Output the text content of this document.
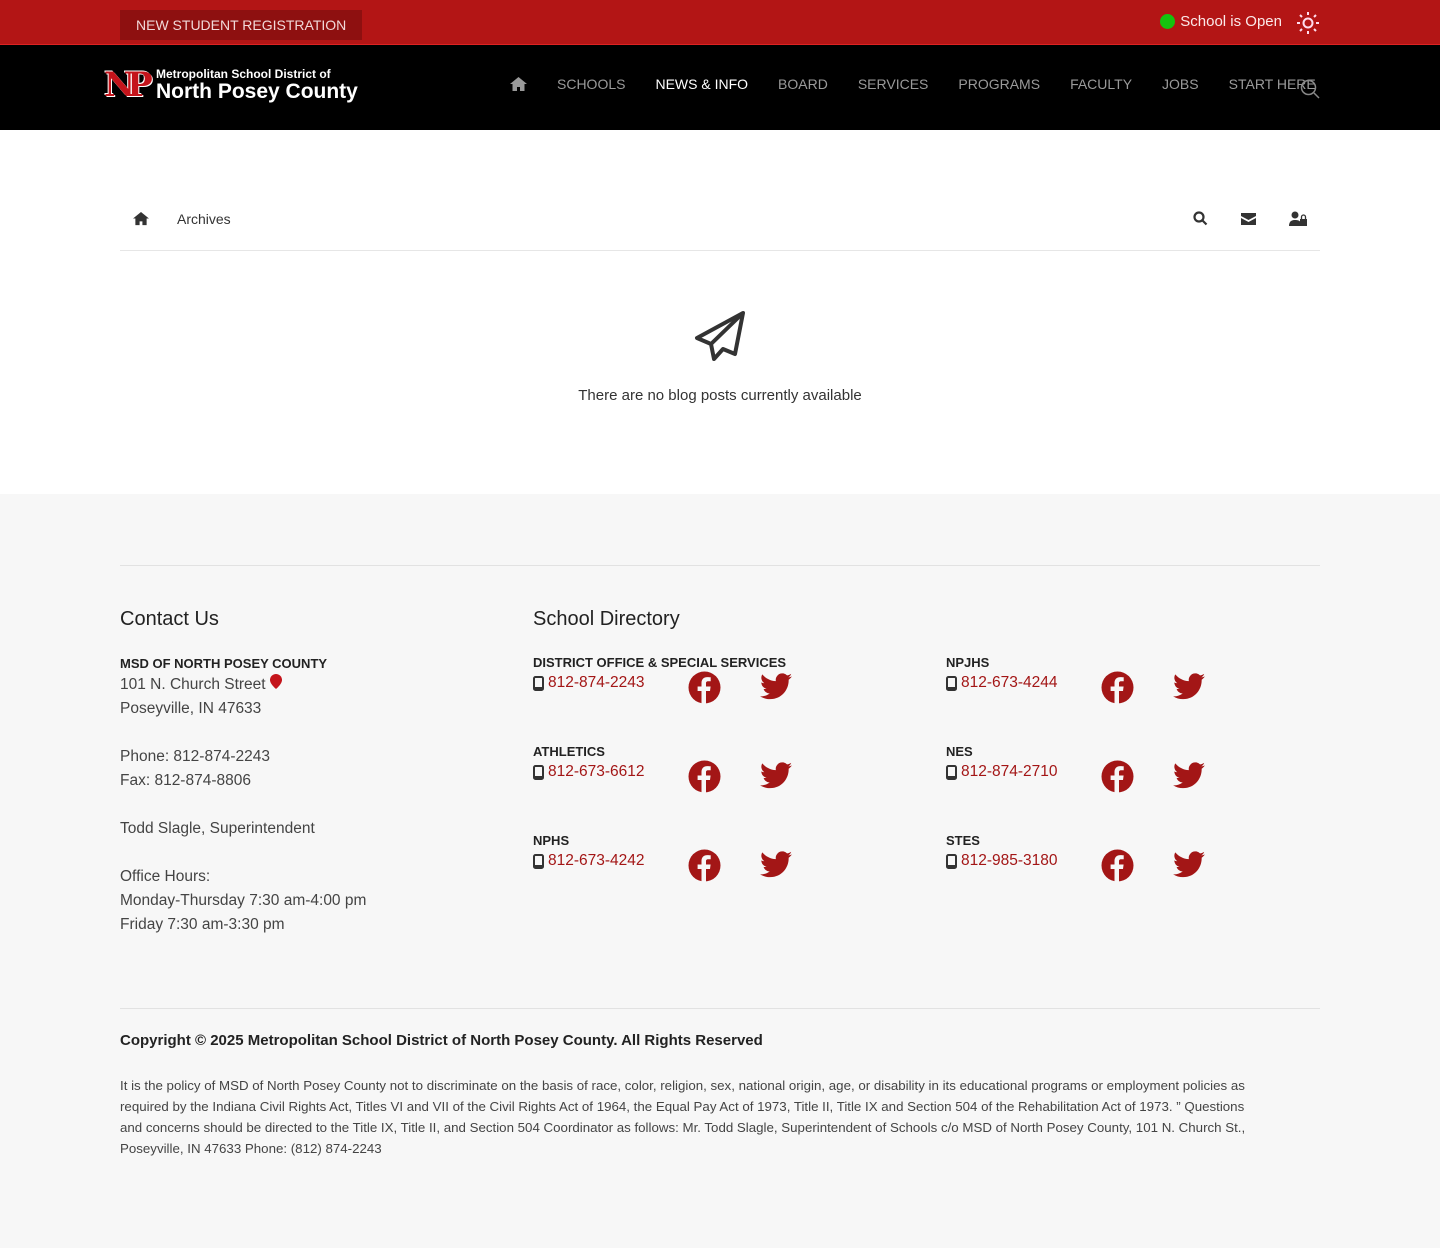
NEW STUDENT REGISTRATION	School is Open
NP Metropolitan School District of
North Posey County	SCHOOLS NEWS & INFO BOARD SERVICES PROGRAMS FACULTY JOBS START HERE
Archives

There are no blog posts currently available

Contact Us
MSD OF NORTH POSEY COUNTY
101 N. Church Street
Poseyville, IN 47633

Phone: 812-874-2243
Fax: 812-874-8806

Todd Slagle, Superintendent

Office Hours:
Monday-Thursday 7:30 am-4:00 pm
Friday 7:30 am-3:30 pm
School Directory
DISTRICT OFFICE & SPECIAL SERVICES
812-874-2243
NPJHS
812-673-4244
ATHLETICS
812-673-6612
NES
812-874-2710
NPHS
812-673-4242
STES
812-985-3180
Copyright © 2025 Metropolitan School District of North Posey County. All Rights Reserved
It is the policy of MSD of North Posey County not to discriminate on the basis of race, color, religion, sex, national origin, age, or disability in its educational programs or employment policies as required by the Indiana Civil Rights Act, Titles VI and VII of the Civil Rights Act of 1964, the Equal Pay Act of 1973, Title II, Title IX and Section 504 of the Rehabilitation Act of 1973. ” Questions and concerns should be directed to the Title IX, Title II, and Section 504 Coordinator as follows: Mr. Todd Slagle, Superintendent of Schools c/o MSD of North Posey County, 101 N. Church St., Poseyville, IN 47633 Phone: (812) 874-2243
